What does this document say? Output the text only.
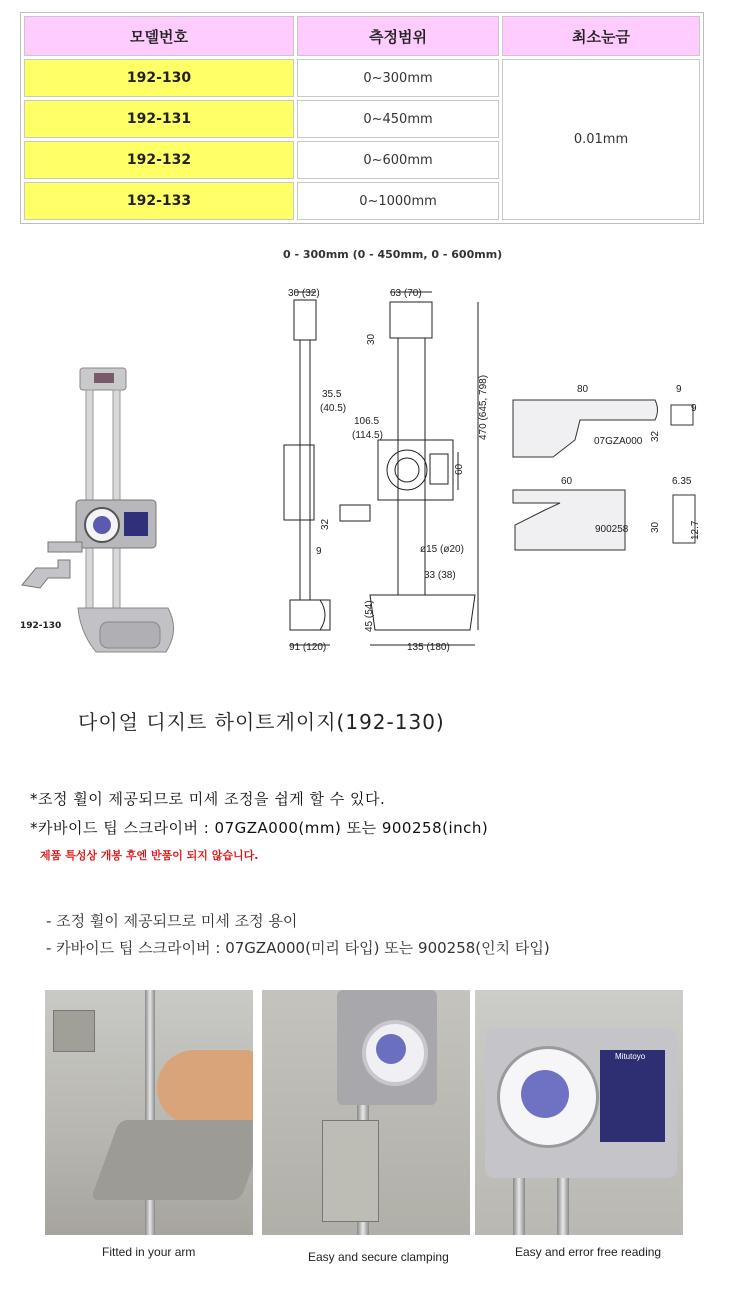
모델번호	측정범위	최소눈금
192-130	0~300mm	0.01mm
192-131	0~450mm	
192-132	0~600mm	
192-133	0~1000mm	
0 - 300mm (0 - 450mm, 0 - 600mm)
192-130
30 (32)	63 (70)
30
35.5
(40.5)
106.5
(114.5)	470 (645, 798)
60
32
9	ø15 (ø20)
33 (38)
45 (54)
91 (120)	135 (180)
80
07GZA000 32
9
9
60
900258 30
6.35
12.7
다이얼 디지트 하이트게이지(192-130)
*조정 휠이 제공되므로 미세 조정을 쉽게 할 수 있다.
*카바이드 팁 스크라이버 : 07GZA000(mm) 또는 900258(inch)
제품 특성상 개봉 후엔 반품이 되지 않습니다.
- 조정 휠이 제공되므로 미세 조정 용이
- 카바이드 팁 스크라이버 : 07GZA000(미리 타입) 또는 900258(인치 타입)
Mitutoyo
Fitted in your arm	Easy and secure clamping	Easy and error free reading
